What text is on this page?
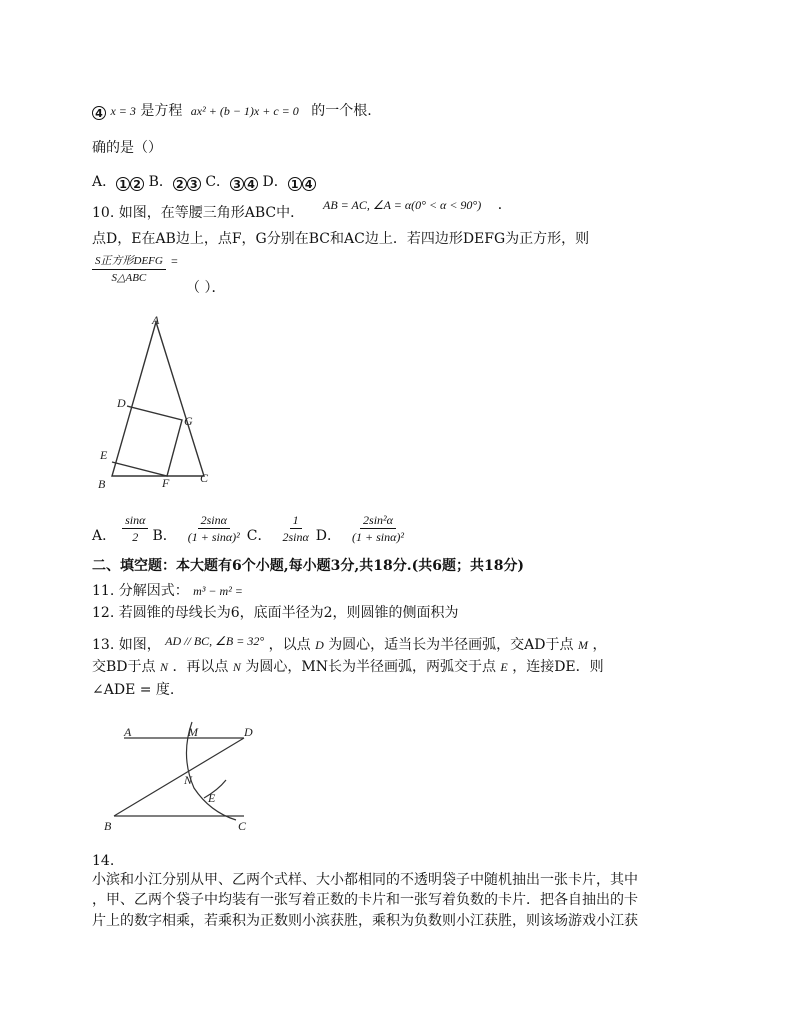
4 x = 3 是方程 ax² + (b − 1)x + c = 0 的一个根.
确的是（）
A． 1 2 B． 2 3 C． 3 4 D． 1 4
10. 如图，在等腰三角形ABC中． AB = AC, ∠A = α(0° < α < 90°) ．
点D，E在AB边上，点F，G分别在BC和AC边上．若四边形DEFG为正方形，则
$\frac{\text{S正方形DEFG}}{\text{S△ABC}}$ =
（ ）．
A
D
G
E
C
B	F
A． $\frac{\sin\alpha}{2}$ B． $\frac{2\sin\alpha}{\text{(1 + sinα)²}}$ C． $\frac{1}{2\sin\alpha}$ D． $\frac{\text{2sin²α}}{\text{(1 + sinα)²}}$
二、填空题：本大题有6个小题,每小题3分,共18分.(共6题；共18分)
11. 分解因式： m³ − m² =
12. 若圆锥的母线长为6，底面半径为2，则圆锥的侧面积为
13. 如图， AD // BC, ∠B = 32° ，以点 D 为圆心，适当长为半径画弧，交AD于点 M ，
交BD于点 N ．再以点 N 为圆心，MN长为半径画弧，两弧交于点 E ，连接DE．则
∠ADE = 度.
A	M	D
N
E
B	C
14.
小滨和小江分别从甲、乙两个式样、大小都相同的不透明袋子中随机抽出一张卡片，其中
，甲、乙两个袋子中均装有一张写着正数的卡片和一张写着负数的卡片．把各自抽出的卡
片上的数字相乘，若乘积为正数则小滨获胜，乘积为负数则小江获胜，则该场游戏小江获
